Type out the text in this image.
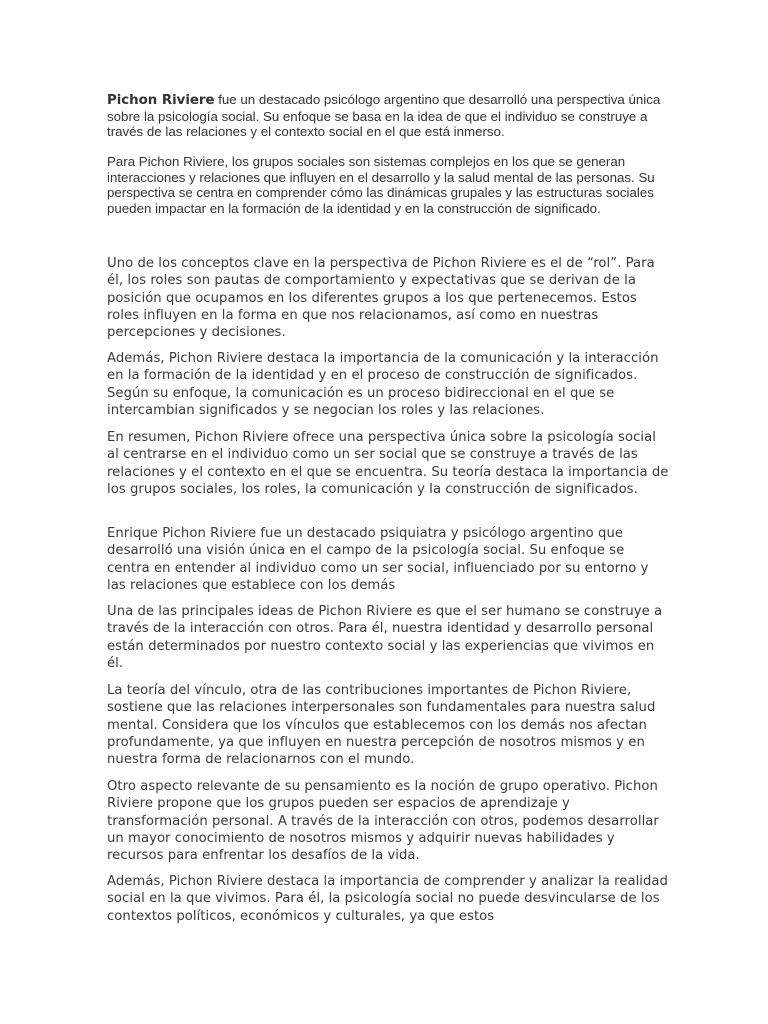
Pichon Riviere fue un destacado psicólogo argentino que desarrolló una perspectiva única sobre la psicología social. Su enfoque se basa en la idea de que el individuo se construye a través de las relaciones y el contexto social en el que está inmerso.

Para Pichon Riviere, los grupos sociales son sistemas complejos en los que se generan interacciones y relaciones que influyen en el desarrollo y la salud mental de las personas. Su perspectiva se centra en comprender cómo las dinámicas grupales y las estructuras sociales pueden impactar en la formación de la identidad y en la construcción de significado.

Uno de los conceptos clave en la perspectiva de Pichon Riviere es el de “rol”. Para él, los roles son pautas de comportamiento y expectativas que se derivan de la posición que ocupamos en los diferentes grupos a los que pertenecemos. Estos roles influyen en la forma en que nos relacionamos, así como en nuestras percepciones y decisiones.

Además, Pichon Riviere destaca la importancia de la comunicación y la interacción en la formación de la identidad y en el proceso de construcción de significados. Según su enfoque, la comunicación es un proceso bidireccional en el que se intercambian significados y se negocian los roles y las relaciones.

En resumen, Pichon Riviere ofrece una perspectiva única sobre la psicología social al centrarse en el individuo como un ser social que se construye a través de las relaciones y el contexto en el que se encuentra. Su teoría destaca la importancia de los grupos sociales, los roles, la comunicación y la construcción de significados.

Enrique Pichon Riviere fue un destacado psiquiatra y psicólogo argentino que desarrolló una visión única en el campo de la psicología social. Su enfoque se centra en entender al individuo como un ser social, influenciado por su entorno y las relaciones que establece con los demás

Una de las principales ideas de Pichon Riviere es que el ser humano se construye a través de la interacción con otros. Para él, nuestra identidad y desarrollo personal están determinados por nuestro contexto social y las experiencias que vivimos en él.

La teoría del vínculo, otra de las contribuciones importantes de Pichon Riviere, sostiene que las relaciones interpersonales son fundamentales para nuestra salud mental. Considera que los vínculos que establecemos con los demás nos afectan profundamente, ya que influyen en nuestra percepción de nosotros mismos y en nuestra forma de relacionarnos con el mundo.

Otro aspecto relevante de su pensamiento es la noción de grupo operativo. Pichon Riviere propone que los grupos pueden ser espacios de aprendizaje y transformación personal. A través de la interacción con otros, podemos desarrollar un mayor conocimiento de nosotros mismos y adquirir nuevas habilidades y recursos para enfrentar los desafíos de la vida.

Además, Pichon Riviere destaca la importancia de comprender y analizar la realidad social en la que vivimos. Para él, la psicología social no puede desvincularse de los contextos políticos, económicos y culturales, ya que estos
